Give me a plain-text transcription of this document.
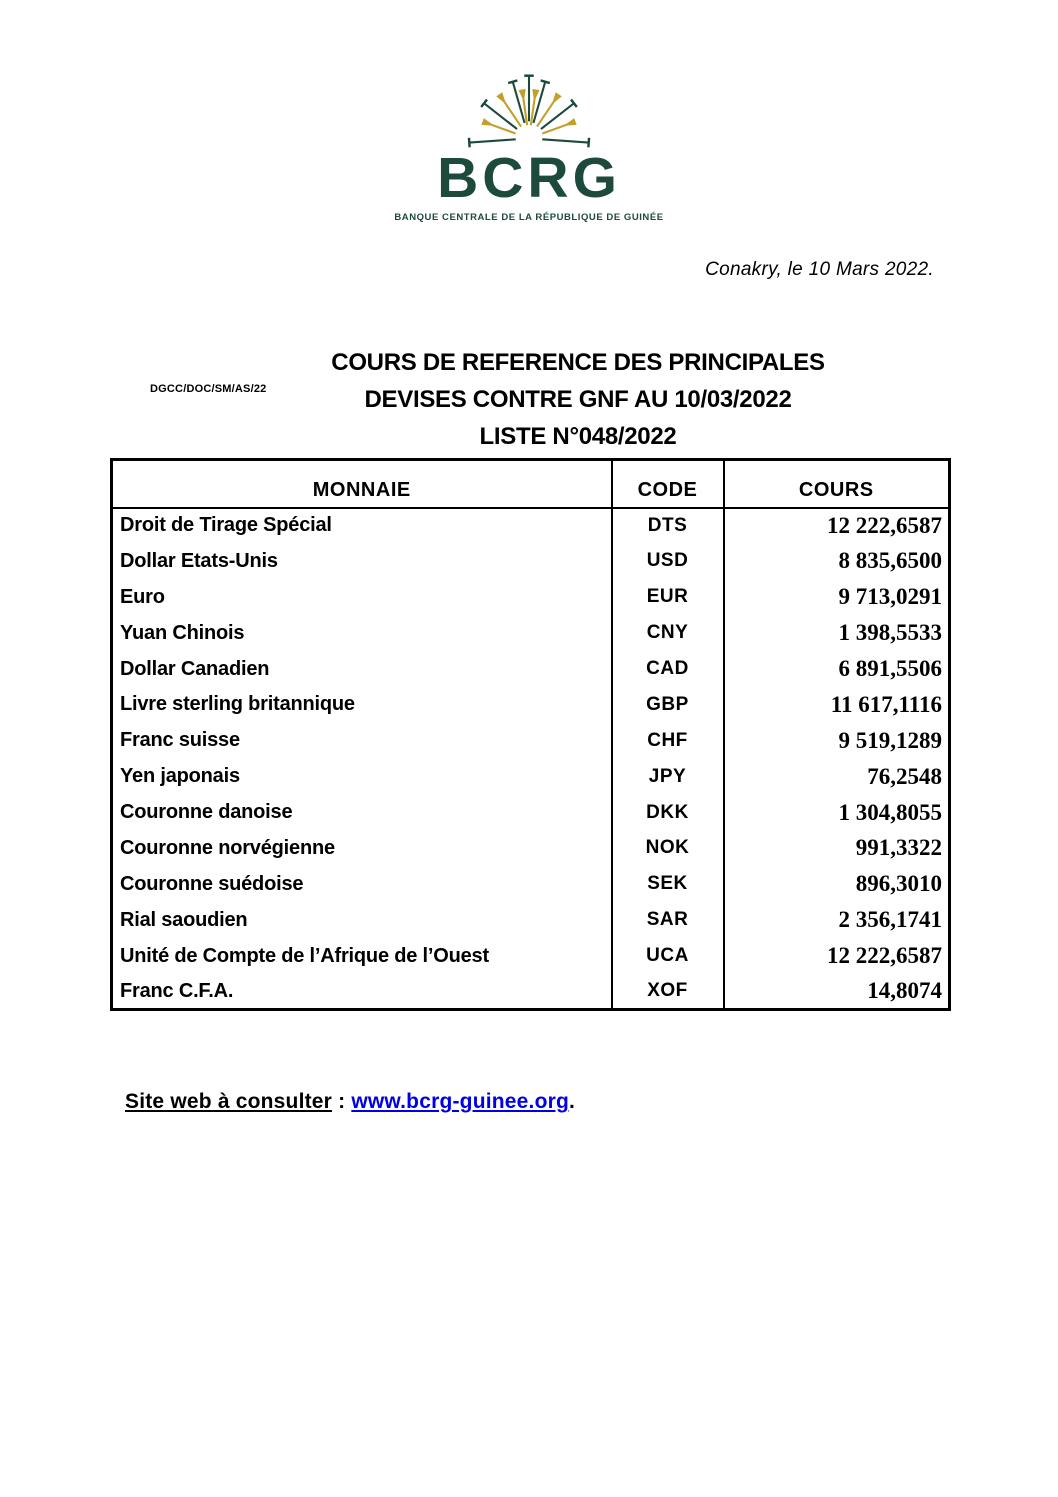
BCRG
BANQUE CENTRALE DE LA RÉPUBLIQUE DE GUINÉE
Conakry, le 10 Mars 2022.
DGCC/DOC/SM/AS/22
COURS DE REFERENCE DES PRINCIPALES
DEVISES CONTRE GNF AU 10/03/2022
LISTE N°048/2022
MONNAIE	CODE	COURS
Droit de Tirage Spécial	DTS	12 222,6587
Dollar Etats-Unis	USD	8 835,6500
Euro	EUR	9 713,0291
Yuan Chinois	CNY	1 398,5533
Dollar Canadien	CAD	6 891,5506
Livre sterling britannique	GBP	11 617,1116
Franc suisse	CHF	9 519,1289
Yen japonais	JPY	76,2548
Couronne danoise	DKK	1 304,8055
Couronne norvégienne	NOK	991,3322
Couronne suédoise	SEK	896,3010
Rial saoudien	SAR	2 356,1741
Unité de Compte de l’Afrique de l’Ouest	UCA	12 222,6587
Franc C.F.A.	XOF	14,8074
Site web à consulter : www.bcrg-guinee.org.
